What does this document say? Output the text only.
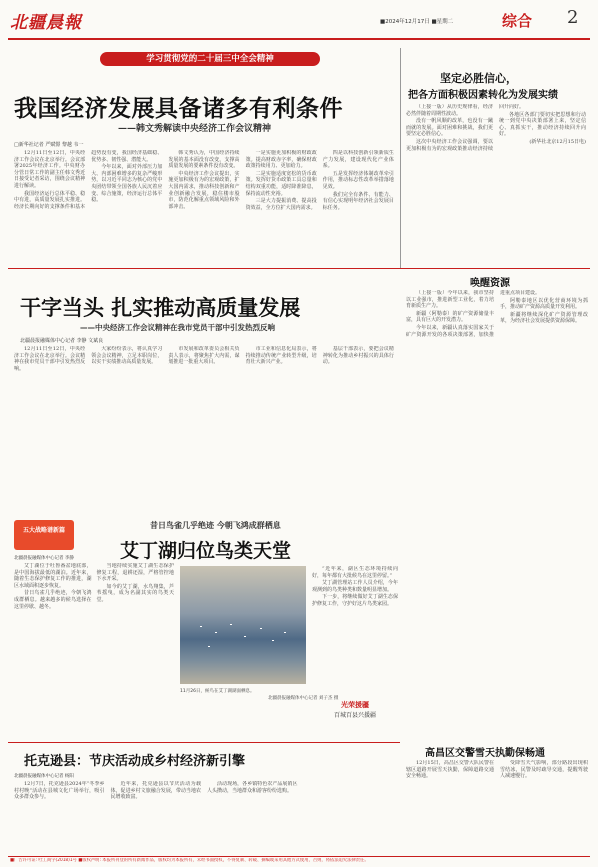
北疆晨報	■2024年12月17日 ■星期二	综合 2
学习贯彻党的二十届三中全会精神
我国经济发展具备诸多有利条件
——韩文秀解读中央经济工作会议精神
□新华社记者 严赋憬 黎越 韦一

12月11日至12日，中央经济工作会议在北京举行。会议部署2025年经济工作。中央财办分管日常工作的副主任韩文秀近日接受记者采访，围绕会议精神进行解读。

我国经济运行总体平稳、稳中有进，高质量发展扎实推进。经济长期向好的支撑条件和基本趋势没有变，我国经济基础稳、优势多、韧性强、潜能大。

今年以来，面对外部压力加大、内部困难增多的复杂严峻形势，以习近平同志为核心的党中央团结带领全国各族人民沉着应变、综合施策，经济运行总体平稳。

韩文秀认为，中国经济持续发展的基本面没有改变，支撑高质量发展的要素条件没有改变。

中央经济工作会议提出，实施更加积极有为的宏观政策，扩大国内需求，推动科技创新和产业创新融合发展，稳住楼市股市，防范化解重点领域风险和外部冲击。

一是实施更加积极的财政政策。提高财政赤字率，确保财政政策持续用力、更加给力。

二是实施适度宽松的货币政策。发挥好货币政策工具总量和结构双重功能，适时降准降息，保持流动性充裕。

三是大力提振消费、提高投资效益，全方位扩大国内需求。

四是以科技创新引领新质生产力发展，建设现代化产业体系。

五是发挥经济体制改革牵引作用，推动标志性改革举措落地见效。

我们完全有条件、有能力、有信心实现明年经济社会发展目标任务。

坚定必胜信心，
把各方面积极因素转化为发展实绩

（上接一版）从历史规律看，经济必然伴随着周期性波动。

没有一帆风顺的改革，也没有一蹴而就的发展。面对困难和挑战，我们更要坚定必胜信心。

这次中央经济工作会议强调，要以更加积极有为的宏观政策推动经济持续回升向好。

各地区各部门要切实把思想和行动统一到党中央决策部署上来，坚定信心、真抓实干，推动经济持续回升向好。

(新华社北京12月15日电)

干字当头 扎实推动高质量发展
——中央经济工作会议精神在我市党员干部中引发热烈反响
北疆晨报融媒体中心记者 李静 文斌良

12月11日至12日，中央经济工作会议在北京举行。会议精神在我市党员干部中引发热烈反响。

大家纷纷表示，将认真学习领会会议精神，立足本职岗位，以实干实绩推动高质量发展。

市发展和改革委员会相关负责人表示，将聚焦扩大内需，谋划推进一批重大项目。

市工业和信息化局表示，将持续推动传统产业转型升级，培育壮大新兴产业。

基层干部表示，要把会议精神转化为推动乡村振兴的具体行动。

唤醒资源

（上接一版）今年以来，我市坚持以工业强市，推进新型工业化，着力培育新质生产力。

新疆（阿勒泰）的矿产资源储量丰富，具有巨大的开发潜力。

今年以来，新疆认真落实国家关于矿产资源开发的各项决策部署，加快推进重点项目建设。

阿勒泰地区以优化营商环境为抓手，推动矿产资源高质量开发利用。

新疆将继续深化矿产资源管理改革，为经济社会发展提供资源保障。

昔日鸟雀几乎绝迹 今朝飞鸿成群栖息
艾丁湖归位鸟类天堂
五大战略谱新篇
北疆晨报融媒体中心记者 李静

艾丁湖位于吐鲁番盆地底部，是中国海拔最低的湖泊。近年来，随着生态保护修复工作的推进，湖区水域面积逐步恢复。

昔日鸟雀几乎绝迹，今朝飞鸿成群栖息。越来越多的候鸟选择在这里停歇、越冬。

当地持续实施艾丁湖生态保护修复工程，退耕还湿，严格管控地下水开采。

如今的艾丁湖，水鸟翔集，芦苇摇曳，成为名副其实的鸟类天堂。

11月26日，候鸟在艾丁湖湖面栖息。
北疆晨报融媒体中心记者 刘子杰 摄

“近年来，湖区生态环境持续向好，每年都有大批候鸟在这里停留。”

艾丁湖管理站工作人员介绍，今年观测到的鸟类种类和数量明显增加。

下一步，将继续做好艾丁湖生态保护修复工作，守护好这片鸟类家园。

光荣援疆
百城百县兴援疆
托克逊县：节庆活动成乡村经济新引擎
北疆晨报融媒体中心记者 杨阳

12月7日，托克逊县2024年“冬季乡村村晚”活动在县城文化广场举行，吸引众多群众参与。

近年来，托克逊县以节庆活动为载体，促进乡村文旅融合发展，带动当地农民增收致富。

活动现场，各乡镇特色农产品展销区人头攒动，当地群众和游客纷纷选购。

高昌区交警雪天执勤保畅通

12月15日，高昌区交警大队民警在辖区道路开展雪天执勤，保障道路交通安全畅通。

受降雪天气影响，部分路段出现积雪结冰，民警及时疏导交通，提醒驾驶人减速慢行。

■广告许可证: 吐工商字(2018)1号 ■版权声明: 本报所刊登的所有新闻作品，版权均为本报所有，未经书面授权，不得复制、转载、摘编或采用其他方式使用，否则，将依法追究法律责任。
